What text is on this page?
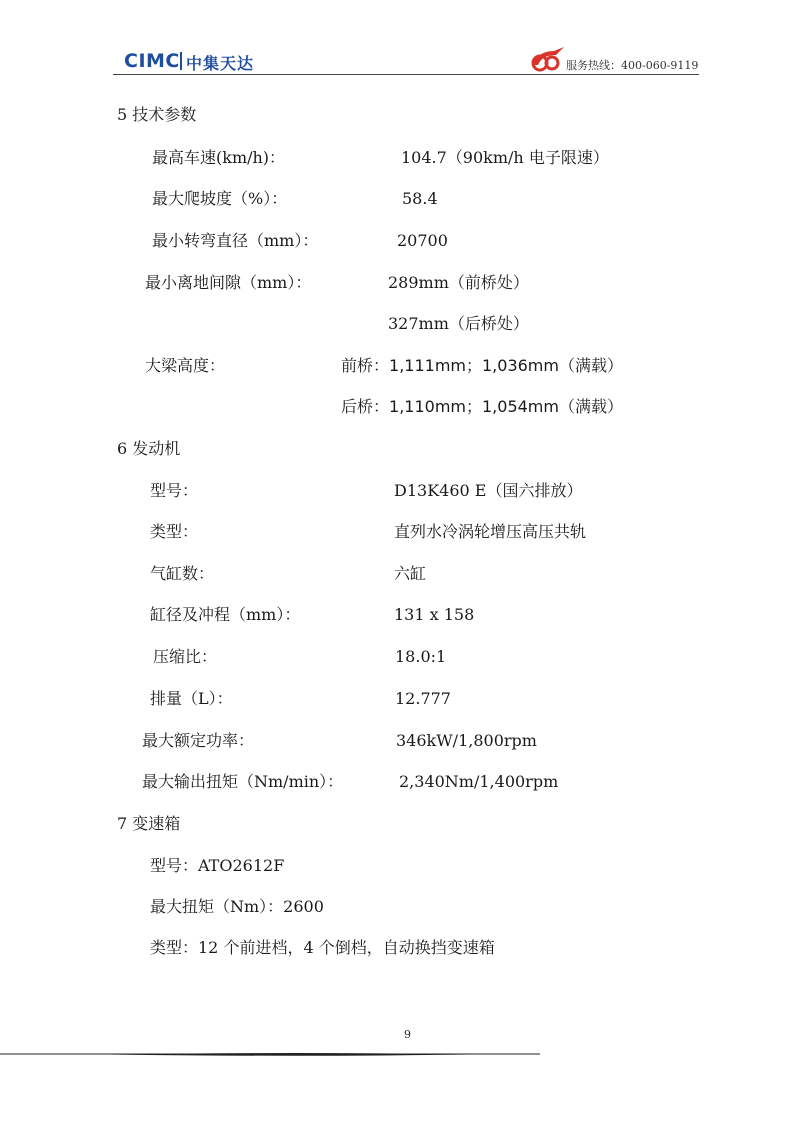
CIMC 中集天达	服务热线：400-060-9119
5 技术参数
最高车速(km/h)：	104.7（90km/h 电子限速）
最大爬坡度（%）：	58.4
最小转弯直径（mm）：	20700
最小离地间隙（mm）：	289mm（前桥处）
327mm（后桥处）
大梁高度：	前桥：1,111mm；1,036mm（满载）
后桥：1,110mm；1,054mm（满载）
6 发动机
型号：	D13K460 E（国六排放）
类型：	直列水冷涡轮增压高压共轨
气缸数：	六缸
缸径及冲程（mm）：	131 x 158
压缩比：	18.0:1
排量（L）：	12.777
最大额定功率：	346kW/1,800rpm
最大输出扭矩（Nm/min）：	2,340Nm/1,400rpm
7 变速箱
型号：ATO2612F
最大扭矩（Nm）：2600
类型：12 个前进档，4 个倒档，自动换挡变速箱
9
